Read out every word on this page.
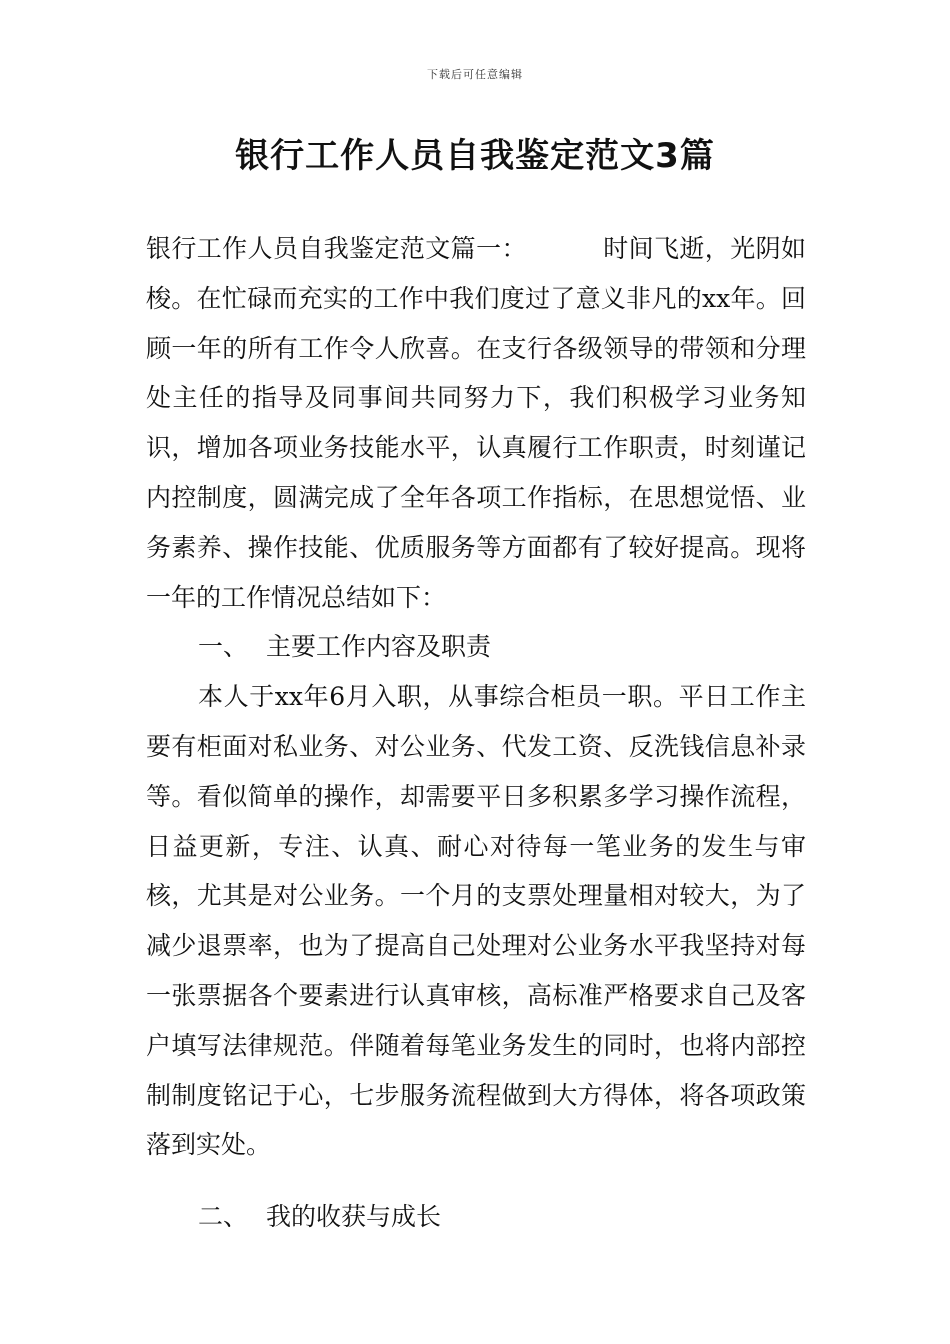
下载后可任意编辑
银行工作人员自我鉴定范文3篇

银行工作人员自我鉴定范文篇一：	时间飞逝，光阴如梭。在忙碌而充实的工作中我们度过了意义非凡的xx年。回顾一年的所有工作令人欣喜。在支行各级领导的带领和分理处主任的指导及同事间共同努力下，我们积极学习业务知识，增加各项业务技能水平，认真履行工作职责，时刻谨记内控制度，圆满完成了全年各项工作指标，在思想觉悟、业务素养、操作技能、优质服务等方面都有了较好提高。现将一年的工作情况总结如下：

一、 主要工作内容及职责

本人于xx年6月入职，从事综合柜员一职。平日工作主要有柜面对私业务、对公业务、代发工资、反洗钱信息补录等。看似简单的操作，却需要平日多积累多学习操作流程，日益更新，专注、认真、耐心对待每一笔业务的发生与审核，尤其是对公业务。一个月的支票处理量相对较大，为了减少退票率，也为了提高自己处理对公业务水平我坚持对每一张票据各个要素进行认真审核，高标准严格要求自己及客户填写法律规范。伴随着每笔业务发生的同时，也将内部控制制度铭记于心，七步服务流程做到大方得体，将各项政策落到实处。

二、 我的收获与成长
